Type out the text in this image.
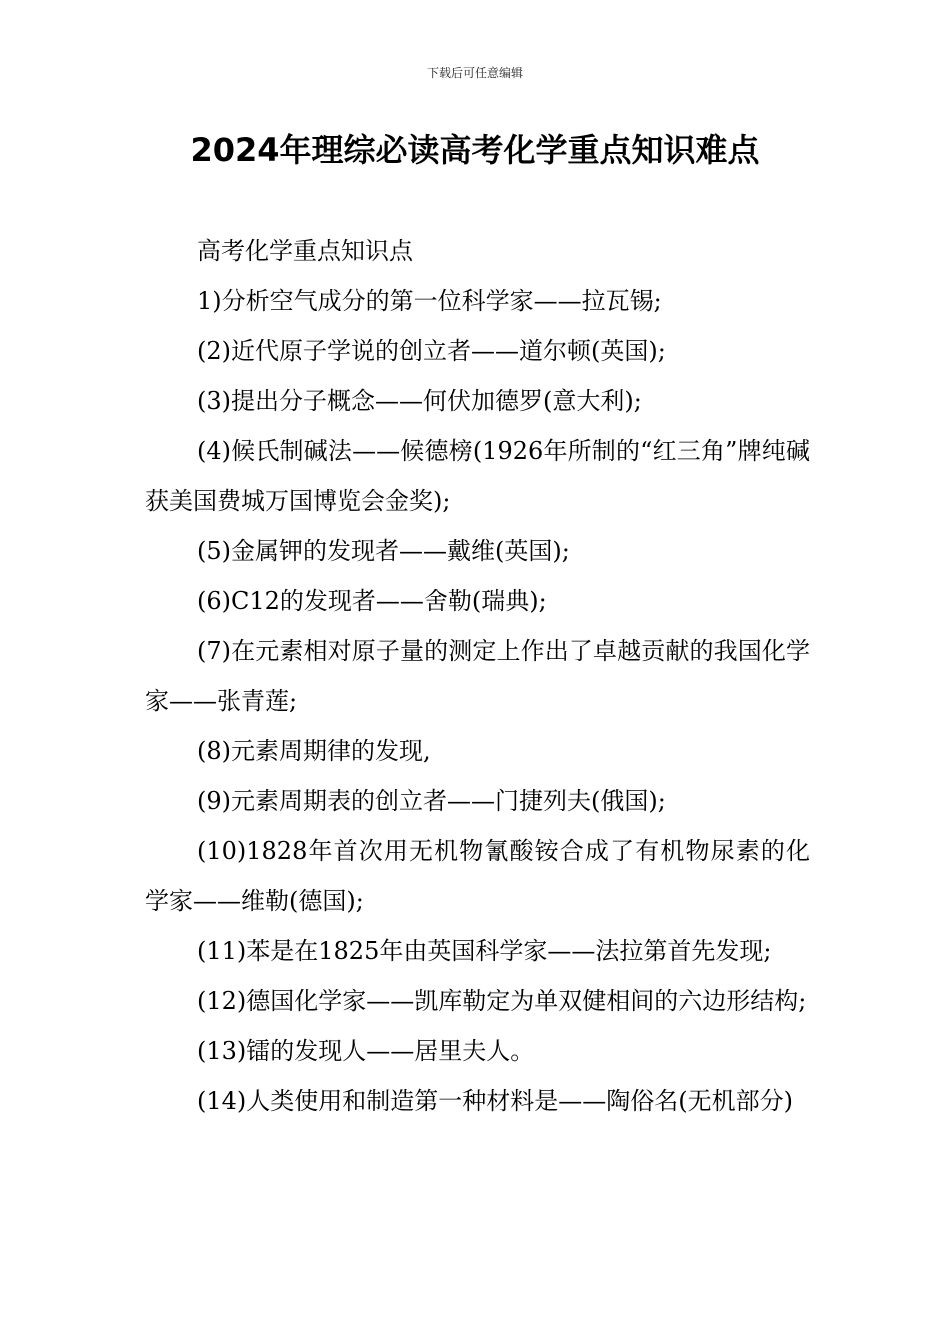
下载后可任意编辑
2024年理综必读高考化学重点知识难点

高考化学重点知识点

1)分析空气成分的第一位科学家——拉瓦锡;

(2)近代原子学说的创立者——道尔顿(英国);

(3)提出分子概念——何伏加德罗(意大利);

(4)候氏制碱法——候德榜(1926年所制的“红三角”牌纯碱获美国费城万国博览会金奖);

(5)金属钾的发现者——戴维(英国);

(6)C12的发现者——舍勒(瑞典);

(7)在元素相对原子量的测定上作出了卓越贡献的我国化学家——张青莲;

(8)元素周期律的发现,

(9)元素周期表的创立者——门捷列夫(俄国);

(10)1828年首次用无机物氰酸铵合成了有机物尿素的化学家——维勒(德国);

(11)苯是在1825年由英国科学家——法拉第首先发现;

(12)德国化学家——凯库勒定为单双健相间的六边形结构;

(13)镭的发现人——居里夫人。

(14)人类使用和制造第一种材料是——陶俗名(无机部分)
